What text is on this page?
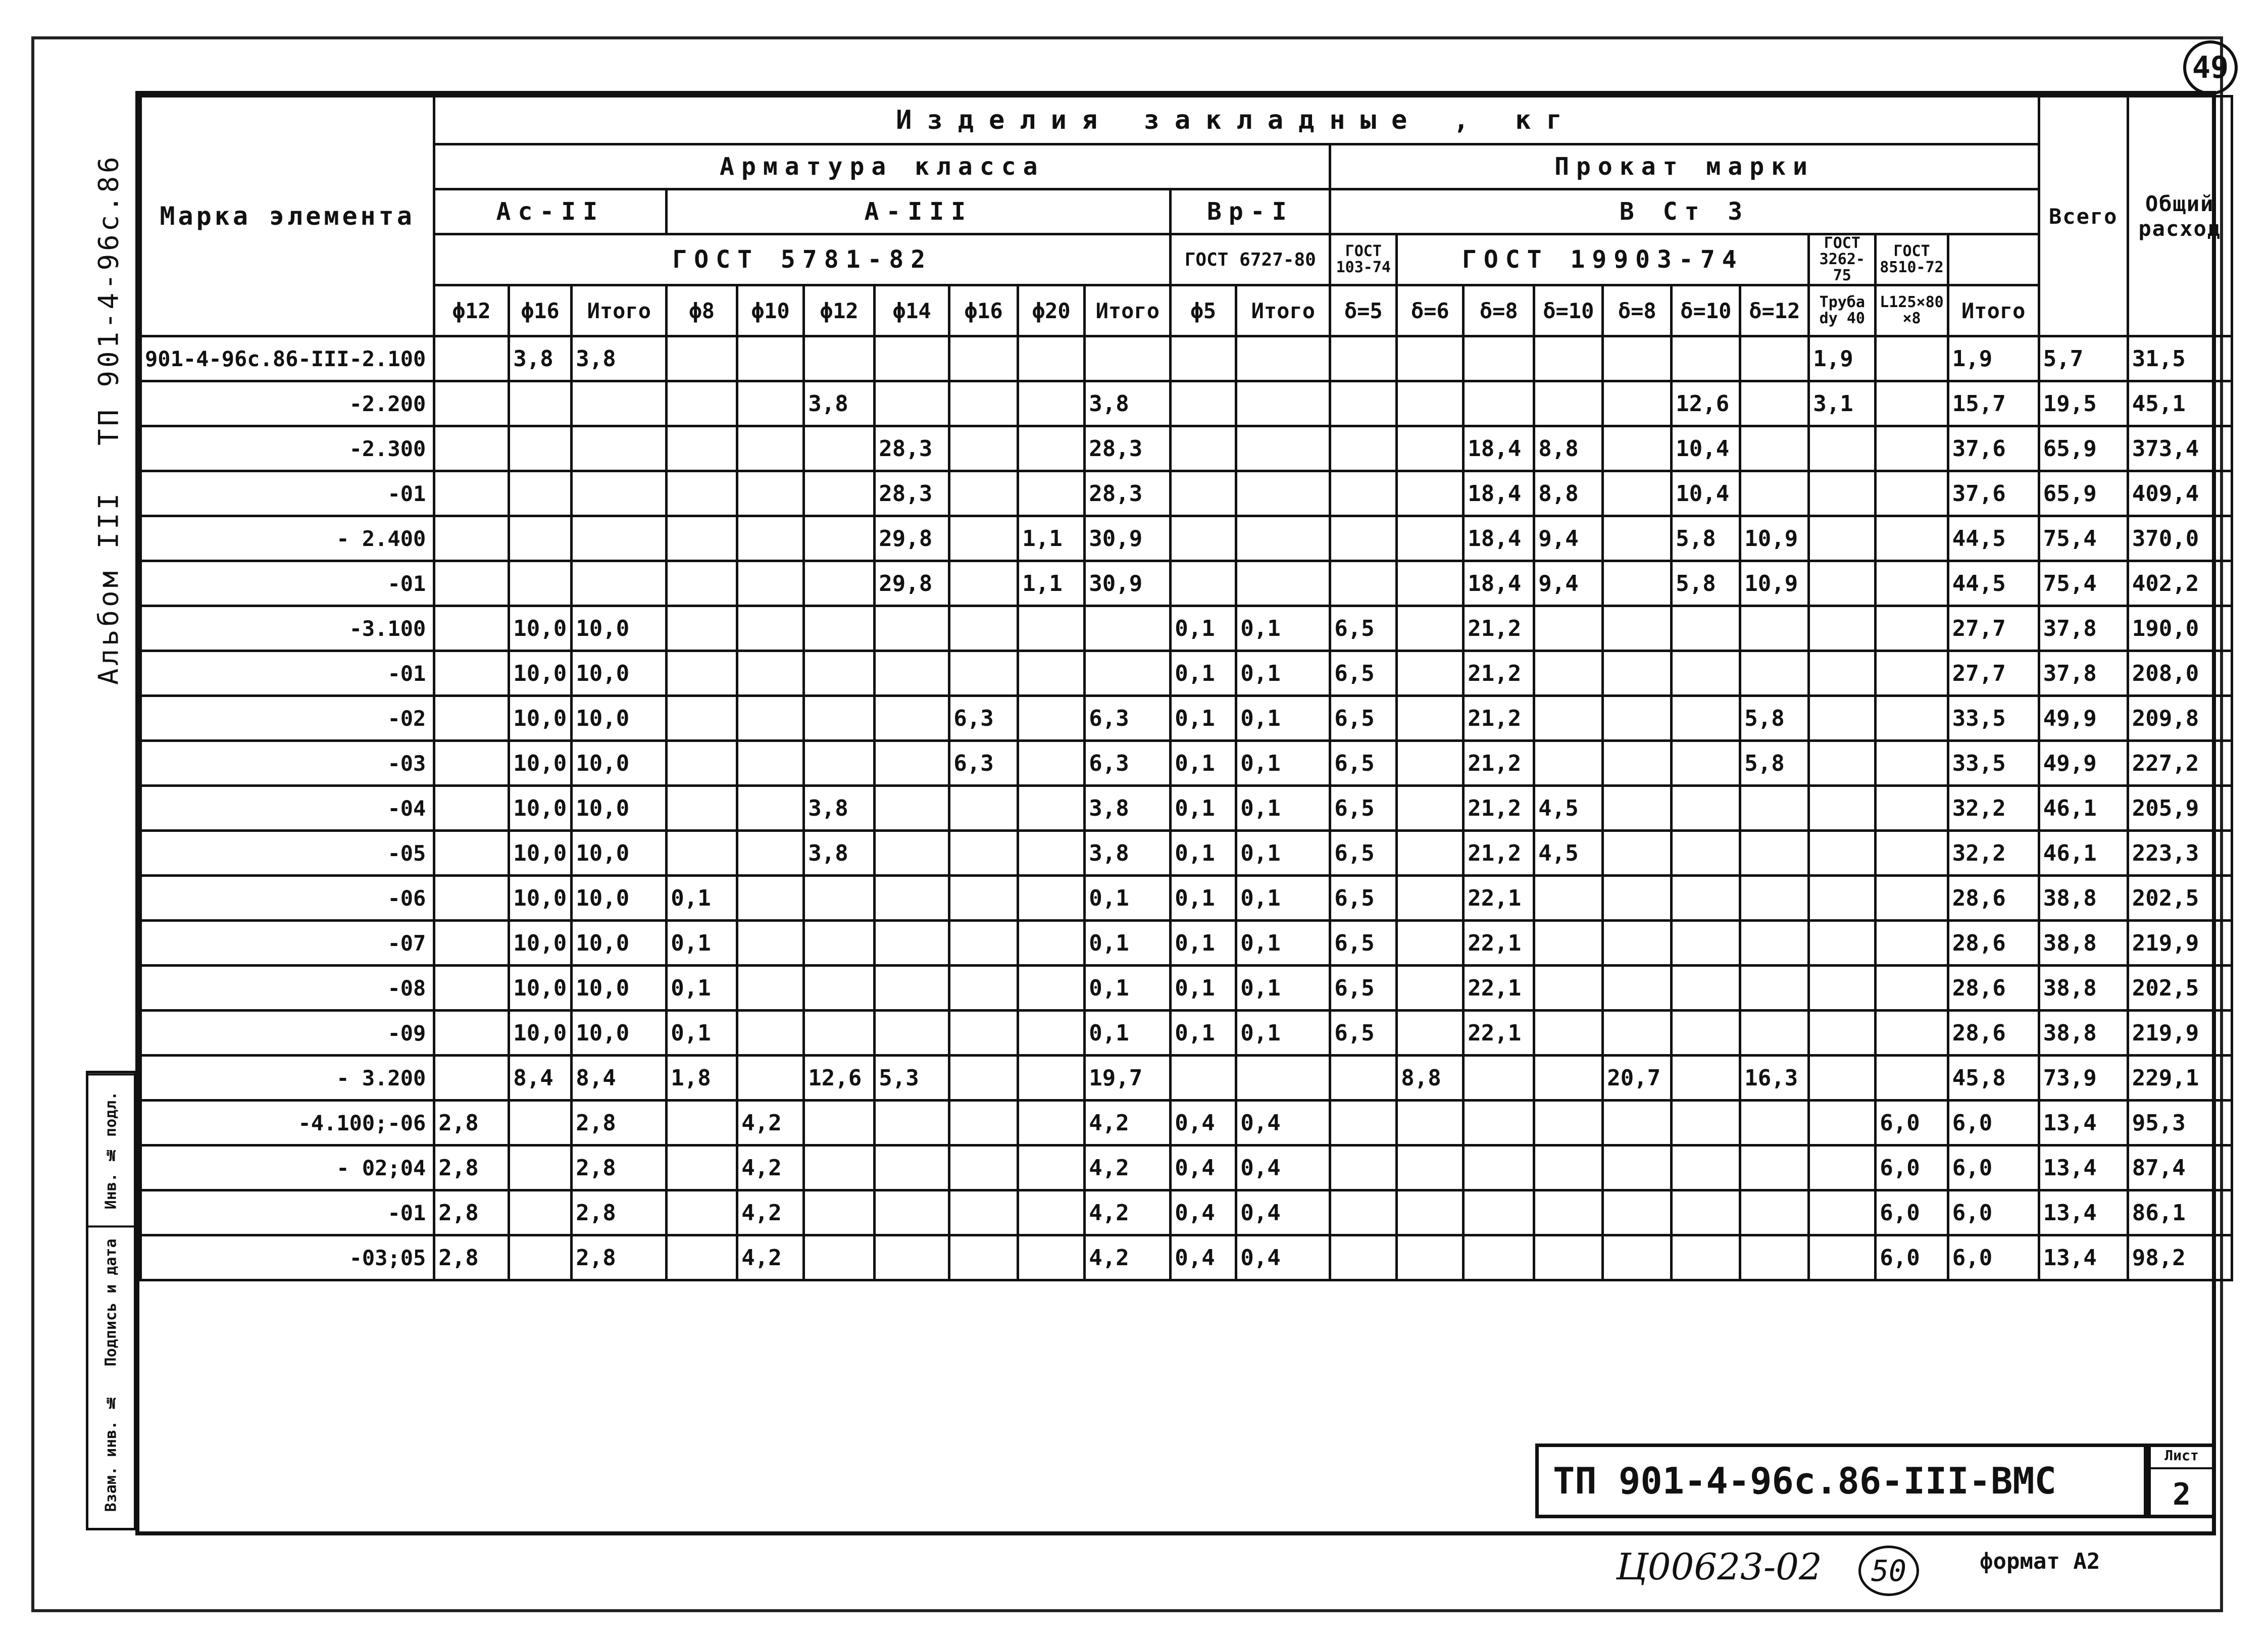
49
Альбом III
ТП 901-4-96с.86
Инв. № подл.
Подпись и дата
Взам. инв. №
Марка элемента	Изделия закладные , кг																						Всего	Общий расход
	Арматура класса												Прокат марки											
	Ас-II			А-III							Вр-I		В Ст 3											
	ГОСТ 5781-82										ГОСТ 6727-80		ГОСТ 103-74	ГОСТ 19903-74						ГОСТ 3262-75	ГОСТ 8510-72			
	ϕ12	ϕ16	Итого	ϕ8	ϕ10	ϕ12	ϕ14	ϕ16	ϕ20	Итого	ϕ5	Итого	δ=5	δ=6	δ=8	δ=10	δ=8	δ=10	δ=12	Труба dy 40	L125×80 ×8	Итого		
901-4-96с.86-III-2.100		3,8	3,8																	1,9		1,9	5,7	31,5
-2.200						3,8				3,8								12,6		3,1		15,7	19,5	45,1
-2.300							28,3			28,3					18,4	8,8		10,4				37,6	65,9	373,4
-01							28,3			28,3					18,4	8,8		10,4				37,6	65,9	409,4
- 2.400							29,8		1,1	30,9					18,4	9,4		5,8	10,9			44,5	75,4	370,0
-01							29,8		1,1	30,9					18,4	9,4		5,8	10,9			44,5	75,4	402,2
-3.100		10,0	10,0								0,1	0,1	6,5		21,2							27,7	37,8	190,0
-01		10,0	10,0								0,1	0,1	6,5		21,2							27,7	37,8	208,0
-02		10,0	10,0					6,3		6,3	0,1	0,1	6,5		21,2				5,8			33,5	49,9	209,8
-03		10,0	10,0					6,3		6,3	0,1	0,1	6,5		21,2				5,8			33,5	49,9	227,2
-04		10,0	10,0			3,8				3,8	0,1	0,1	6,5		21,2	4,5						32,2	46,1	205,9
-05		10,0	10,0			3,8				3,8	0,1	0,1	6,5		21,2	4,5						32,2	46,1	223,3
-06		10,0	10,0	0,1						0,1	0,1	0,1	6,5		22,1							28,6	38,8	202,5
-07		10,0	10,0	0,1						0,1	0,1	0,1	6,5		22,1							28,6	38,8	219,9
-08		10,0	10,0	0,1						0,1	0,1	0,1	6,5		22,1							28,6	38,8	202,5
-09		10,0	10,0	0,1						0,1	0,1	0,1	6,5		22,1							28,6	38,8	219,9
- 3.200		8,4	8,4	1,8		12,6	5,3			19,7				8,8			20,7		16,3			45,8	73,9	229,1
-4.100;-06	2,8		2,8		4,2					4,2	0,4	0,4									6,0	6,0	13,4	95,3
- 02;04	2,8		2,8		4,2					4,2	0,4	0,4									6,0	6,0	13,4	87,4
-01	2,8		2,8		4,2					4,2	0,4	0,4									6,0	6,0	13,4	86,1
-03;05	2,8		2,8		4,2					4,2	0,4	0,4									6,0	6,0	13,4	98,2
ТП 901-4-96с.86-III-ВМС
Лист
2
Ц00623-02	50	формат А2
